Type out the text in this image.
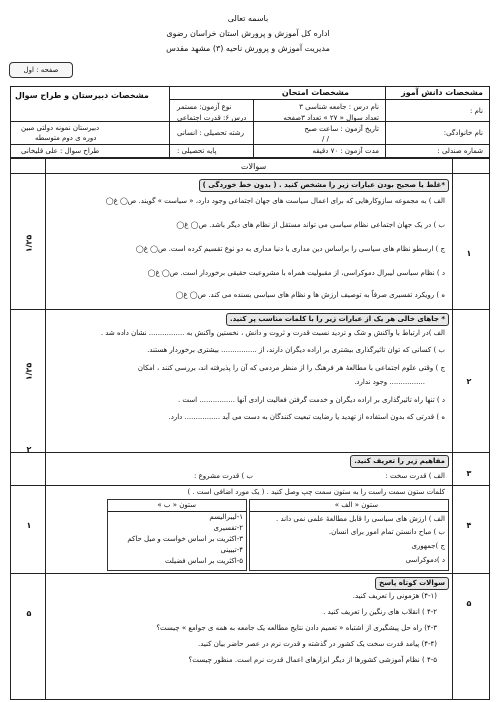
باسمه تعالی
اداره کل آموزش و پرورش استان خراسان رضوی
مدیریت آموزش و پرورش ناحیه (۳) مشهد مقدس
صفحه : اول
مشخصات دانش آموز
مشخصات امتحان
مشخصات دبیرستان و طراح سوال
نام :
نام خانوادگی:
شماره صندلی :
نام درس : جامعه شناسی ۳
تعداد سوال « ۲۷ » تعداد ۳صفحه
نوع آزمون: مستمر
درس ۶: قدرت اجتماعی
تاریخ آزمون : ساعت صبح
/ /
رشته تحصیلی : انسانی
مدت آزمون : ۷۰ دقیقه
پایه تحصیلی :
دبیرستان نمونه دولتی مبین
دوره ی دوم متوسطه
طراح سوال : علی قلیخانی
سوالات
۱
۱/۲۵
*غلط یا صحیح بودن عبارات زیر را مشخص کنید . ( بدون خط خوردگی )
الف ) به مجموعه سازوکارهایی که برای اعمال سیاست های جهان اجتماعی وجود دارد، « سیاست » گویند. ص◯ غ◯
ب ) در یک جهان اجتماعی نظام سیاسی می تواند مستقل از نظام های دیگر باشد. ص◯ غ◯
ج ) ارسطو نظام های سیاسی را براساس دین مداری یا دنیا مداری به دو نوع تقسیم کرده است. ص◯ غ◯
د ) نظام سیاسی لیبرال دموکراسی، از مقبولیت همراه با مشروعیت حقیقی برخوردار است. ص◯ غ◯
ه ) رویکرد تفسیری صرفاً به توصیف ارزش ها و نظام های سیاسی بسنده می کند. ص◯ غ◯
۲
۱/۲۵
* جاهای خالی هر یک از عبارات زیر را با کلمات مناسب پر کنید.
الف )در ارتباط با واکنش و شک و تردید نسبت قدرت و ثروت و دانش ، نخستین واکنش به ................ نشان داده شد .
ب ) کسانی که توان تاثیرگذاری بیشتری بر اراده دیگران دارند، از ................ بیشتری برخوردار هستند.
ج ) وقتی علوم اجتماعی با مطالعهٔ هر فرهنگ را از منظر مردمی که آن را پذیرفته اند، بررسی کنند ، امکان
................ وجود ندارد.
د ) تنها راه تاثیرگذاری بر اراده دیگران و خدمت گرفتن فعالیت ارادی آنها ................ است .
ه ) قدرتی که بدون استفاده از تهدید یا رضایت تبعیت کنندگان به دست می آید ................ دارد.
۳
۲
مفاهیم زیر را تعریف کنید.
الف ) قدرت سخت :
ب ) قدرت مشروع :
۴
۱
کلمات ستون سمت راست را به ستون سمت چپ وصل کنید . ( یک مورد اضافی است . )
ستون « الف »
الف ) ارزش های سیاسی را قابل مطالعهٔ علمی نمی داند .
ب ) مباح دانستن تمام امور برای انسان.
ج )جمهوری
د )دموکراسی
ستون « ب »
۱-لیبرالیسم
۲-تفسیری
۳-اکثریت بر اساس خواست و میل حاکم
۴-تبیینی
۵-اکثریت بر اساس فضیلت
۵
۵
سوالات کوتاه پاسخ
(۴-۱) هژمونی را تعریف کنید.
۴-۲ ) انقلاب های رنگین را تعریف کنید .
۴-۳) راه حل پیشگیری از اشتباه « تعمیم دادن نتایج مطالعه یک جامعه به همه ی جوامع » چیست؟
(۴-۴) پیامد قدرت سخت یک کشور در گذشته و قدرت نرم در عصر حاضر بیان کنید.
۴-۵ ) نظام آموزشی کشورها از دیگر ابزارهای اعمال قدرت نرم است. منظور چیست؟
